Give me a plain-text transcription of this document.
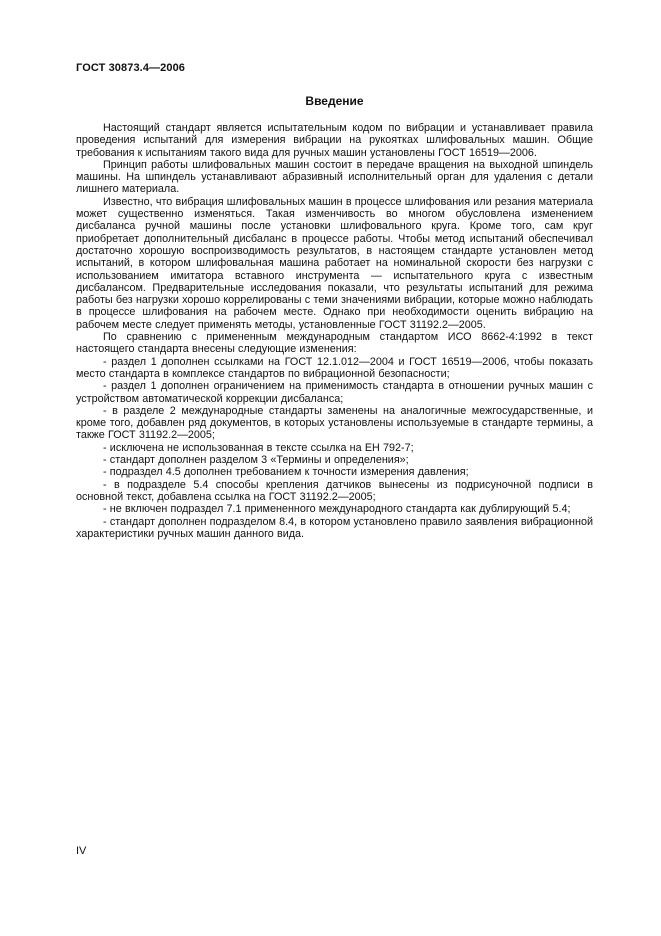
ГОСТ 30873.4—2006
Введение

Настоящий стандарт является испытательным кодом по вибрации и устанавливает правила проведения испытаний для измерения вибрации на рукоятках шлифовальных машин. Общие требования к испытаниям такого вида для ручных машин установлены ГОСТ 16519—2006.

Принцип работы шлифовальных машин состоит в передаче вращения на выходной шпиндель машины. На шпиндель устанавливают абразивный исполнительный орган для удаления с детали лишнего материала.

Известно, что вибрация шлифовальных машин в процессе шлифования или резания материала может существенно изменяться. Такая изменчивость во многом обусловлена изменением дисбаланса ручной машины после установки шлифовального круга. Кроме того, сам круг приобретает дополнительный дисбаланс в процессе работы. Чтобы метод испытаний обеспечивал достаточно хорошую воспроизводимость результатов, в настоящем стандарте установлен метод испытаний, в котором шлифовальная машина работает на номинальной скорости без нагрузки с использованием имитатора вставного инструмента — испытательного круга с известным дисбалансом. Предварительные исследования показали, что результаты испытаний для режима работы без нагрузки хорошо коррелированы с теми значениями вибрации, которые можно наблюдать в процессе шлифования на рабочем месте. Однако при необходимости оценить вибрацию на рабочем месте следует применять методы, установленные ГОСТ 31192.2—2005.

По сравнению с примененным международным стандартом ИСО 8662-4:1992 в текст настоящего стандарта внесены следующие изменения:

- раздел 1 дополнен ссылками на ГОСТ 12.1.012—2004 и ГОСТ 16519—2006, чтобы показать место стандарта в комплексе стандартов по вибрационной безопасности;

- раздел 1 дополнен ограничением на применимость стандарта в отношении ручных машин с устройством автоматической коррекции дисбаланса;

- в разделе 2 международные стандарты заменены на аналогичные межгосударственные, и кроме того, добавлен ряд документов, в которых установлены используемые в стандарте термины, а также ГОСТ 31192.2—2005;

- исключена не использованная в тексте ссылка на ЕН 792-7;

- стандарт дополнен разделом 3 «Термины и определения»;

- подраздел 4.5 дополнен требованием к точности измерения давления;

- в подразделе 5.4 способы крепления датчиков вынесены из подрисуночной подписи в основной текст, добавлена ссылка на ГОСТ 31192.2—2005;

- не включен подраздел 7.1 примененного международного стандарта как дублирующий 5.4;

- стандарт дополнен подразделом 8.4, в котором установлено правило заявления вибрационной характеристики ручных машин данного вида.

IV
